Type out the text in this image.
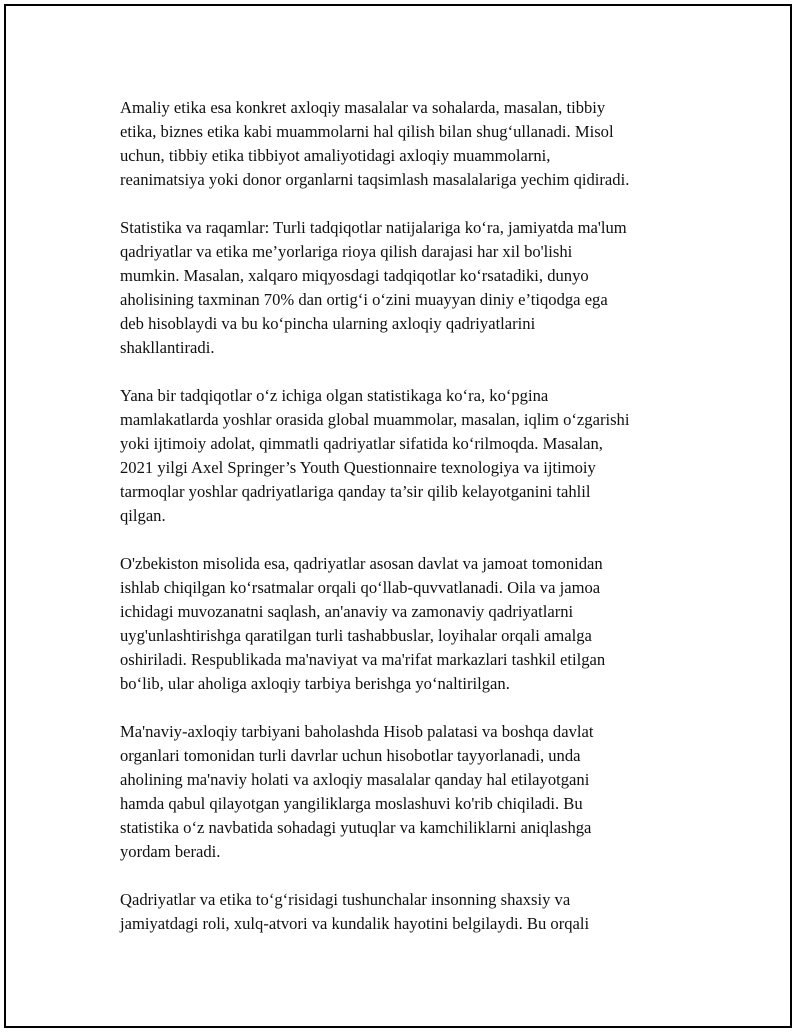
Amaliy etika esa konkret axloqiy masalalar va sohalarda, masalan, tibbiy
etika, biznes etika kabi muammolarni hal qilish bilan shug‘ullanadi. Misol
uchun, tibbiy etika tibbiyot amaliyotidagi axloqiy muammolarni,
reanimatsiya yoki donor organlarni taqsimlash masalalariga yechim qidiradi.

Statistika va raqamlar: Turli tadqiqotlar natijalariga ko‘ra, jamiyatda ma'lum
qadriyatlar va etika me’yorlariga rioya qilish darajasi har xil bo'lishi
mumkin. Masalan, xalqaro miqyosdagi tadqiqotlar ko‘rsatadiki, dunyo
aholisining taxminan 70% dan ortig‘i o‘zini muayyan diniy e’tiqodga ega
deb hisoblaydi va bu ko‘pincha ularning axloqiy qadriyatlarini
shakllantiradi.

Yana bir tadqiqotlar o‘z ichiga olgan statistikaga ko‘ra, ko‘pgina
mamlakatlarda yoshlar orasida global muammolar, masalan, iqlim o‘zgarishi
yoki ijtimoiy adolat, qimmatli qadriyatlar sifatida ko‘rilmoqda. Masalan,
2021 yilgi Axel Springer’s Youth Questionnaire texnologiya va ijtimoiy
tarmoqlar yoshlar qadriyatlariga qanday ta’sir qilib kelayotganini tahlil
qilgan.

O'zbekiston misolida esa, qadriyatlar asosan davlat va jamoat tomonidan
ishlab chiqilgan ko‘rsatmalar orqali qo‘llab-quvvatlanadi. Oila va jamoa
ichidagi muvozanatni saqlash, an'anaviy va zamonaviy qadriyatlarni
uyg'unlashtirishga qaratilgan turli tashabbuslar, loyihalar orqali amalga
oshiriladi. Respublikada ma'naviyat va ma'rifat markazlari tashkil etilgan
bo‘lib, ular aholiga axloqiy tarbiya berishga yo‘naltirilgan.

Ma'naviy-axloqiy tarbiyani baholashda Hisob palatasi va boshqa davlat
organlari tomonidan turli davrlar uchun hisobotlar tayyorlanadi, unda
aholining ma'naviy holati va axloqiy masalalar qanday hal etilayotgani
hamda qabul qilayotgan yangiliklarga moslashuvi ko'rib chiqiladi. Bu
statistika o‘z navbatida sohadagi yutuqlar va kamchiliklarni aniqlashga
yordam beradi.

Qadriyatlar va etika to‘g‘risidagi tushunchalar insonning shaxsiy va
jamiyatdagi roli, xulq-atvori va kundalik hayotini belgilaydi. Bu orqali
